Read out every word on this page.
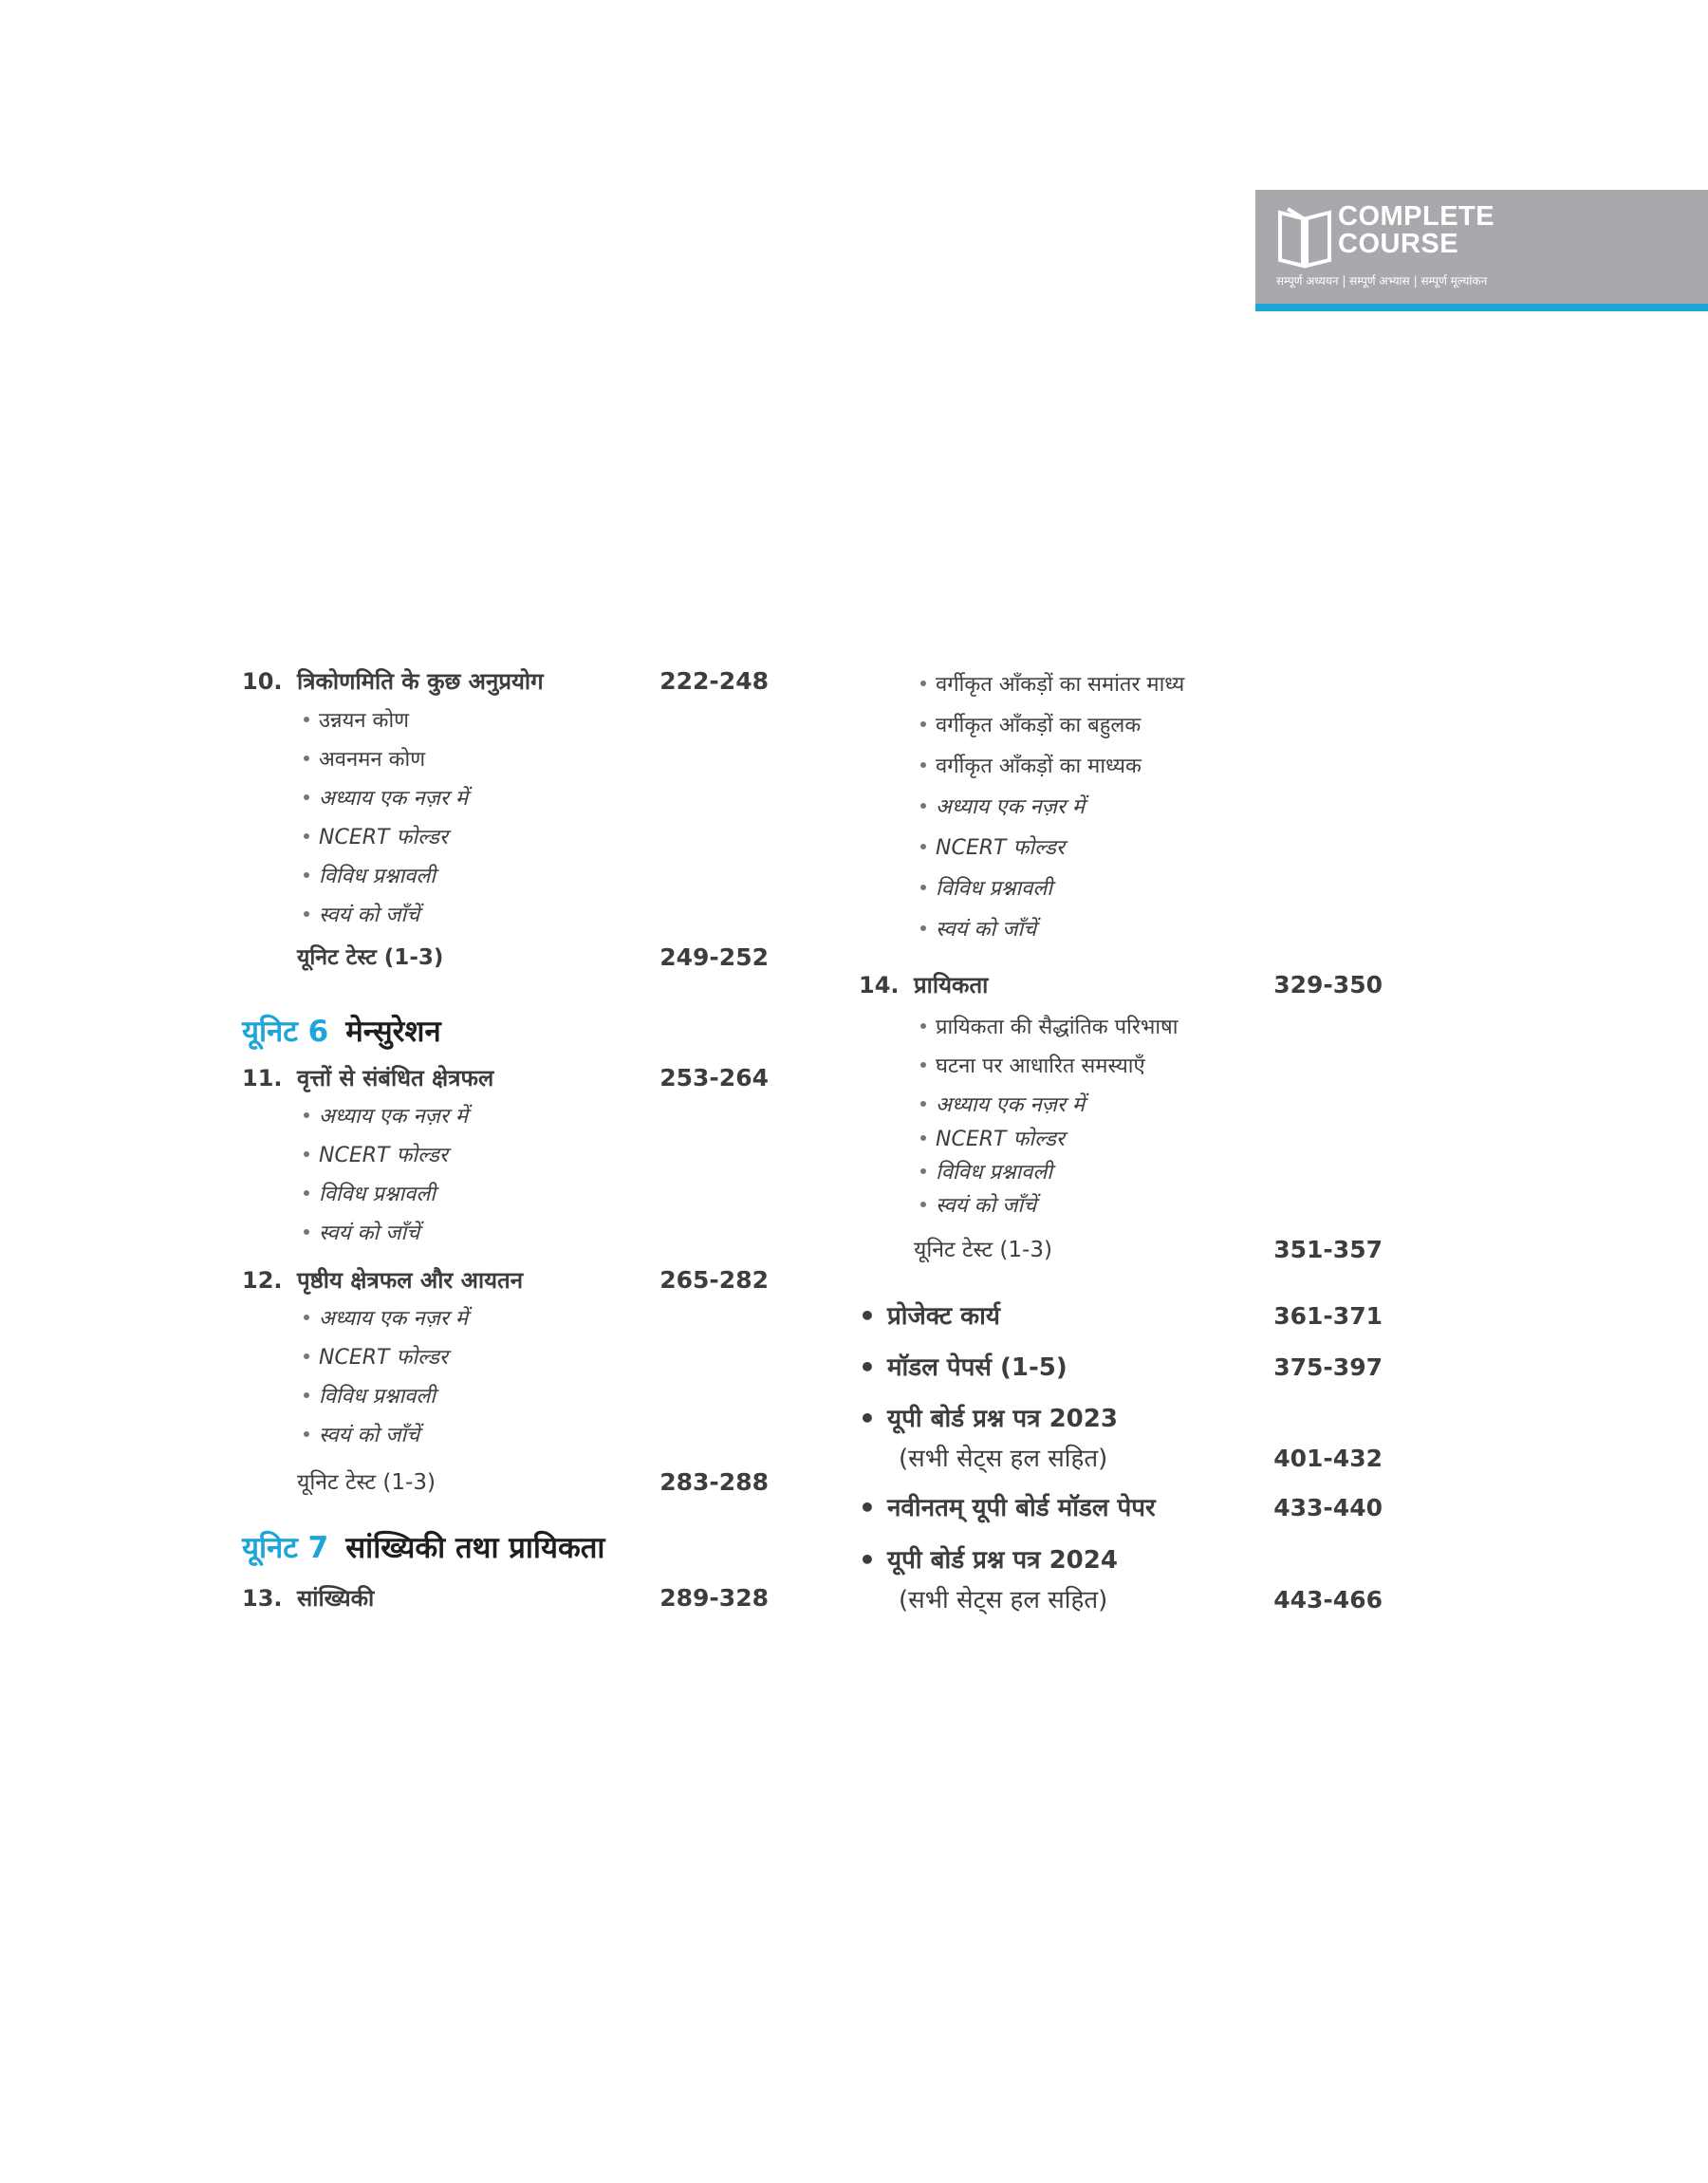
COMPLETE
COURSE
सम्पूर्ण अध्ययन | सम्पूर्ण अभ्यास | सम्पूर्ण मूल्यांकन
10. त्रिकोणमिति के कुछ अनुप्रयोग	222-248
उन्नयन कोण
अवनमन कोण
अध्याय एक नज़र में
NCERT फोल्डर
विविध प्रश्नावली
स्वयं को जाँचें
यूनिट टेस्ट (1-3)	249-252
यूनिट 6 मेन्सुरेशन
11. वृत्तों से संबंधित क्षेत्रफल	253-264
अध्याय एक नज़र में
NCERT फोल्डर
विविध प्रश्नावली
स्वयं को जाँचें
12. पृष्ठीय क्षेत्रफल और आयतन	265-282
अध्याय एक नज़र में
NCERT फोल्डर
विविध प्रश्नावली
स्वयं को जाँचें
यूनिट टेस्ट (1-3)	283-288
यूनिट 7 सांख्यिकी तथा प्रायिकता
13. सांख्यिकी	289-328
वर्गीकृत आँकड़ों का समांतर माध्य
वर्गीकृत आँकड़ों का बहुलक
वर्गीकृत आँकड़ों का माध्यक
अध्याय एक नज़र में
NCERT फोल्डर
विविध प्रश्नावली
स्वयं को जाँचें
14. प्रायिकता	329-350
प्रायिकता की सैद्धांतिक परिभाषा
घटना पर आधारित समस्याएँ
अध्याय एक नज़र में
NCERT फोल्डर
विविध प्रश्नावली
स्वयं को जाँचें
यूनिट टेस्ट (1-3)	351-357
• प्रोजेक्ट कार्य	361-371
• मॉडल पेपर्स (1-5)	375-397
• यूपी बोर्ड प्रश्न पत्र 2023
(सभी सेट्स हल सहित)	401-432
• नवीनतम् यूपी बोर्ड मॉडल पेपर	433-440
• यूपी बोर्ड प्रश्न पत्र 2024
(सभी सेट्स हल सहित)	443-466
